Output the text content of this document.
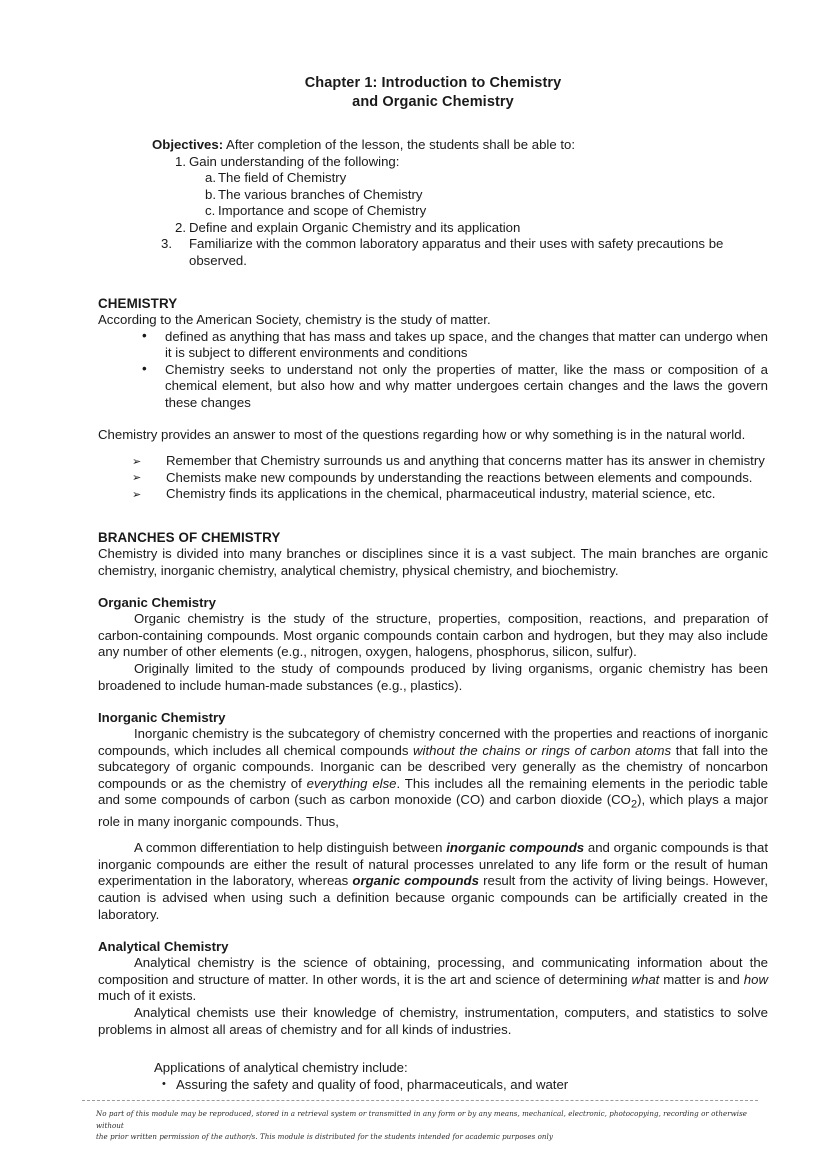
Chapter 1: Introduction to Chemistry
and Organic Chemistry

Objectives: After completion of the lesson, the students shall be able to:

1. Gain understanding of the following:

a. The field of Chemistry

b. The various branches of Chemistry

c. Importance and scope of Chemistry

2. Define and explain Organic Chemistry and its application

3. Familiarize with the common laboratory apparatus and their uses with safety precautions be observed.

CHEMISTRY

According to the American Society, chemistry is the study of matter.

• defined as anything that has mass and takes up space, and the changes that matter can undergo when it is subject to different environments and conditions
• Chemistry seeks to understand not only the properties of matter, like the mass or composition of a chemical element, but also how and why matter undergoes certain changes and the laws the govern these changes

Chemistry provides an answer to most of the questions regarding how or why something is in the natural world.

➢ Remember that Chemistry surrounds us and anything that concerns matter has its answer in chemistry
➢ Chemists make new compounds by understanding the reactions between elements and compounds.
➢ Chemistry finds its applications in the chemical, pharmaceutical industry, material science, etc.
BRANCHES OF CHEMISTRY

Chemistry is divided into many branches or disciplines since it is a vast subject. The main branches are organic chemistry, inorganic chemistry, analytical chemistry, physical chemistry, and biochemistry.

Organic Chemistry

Organic chemistry is the study of the structure, properties, composition, reactions, and preparation of carbon-containing compounds. Most organic compounds contain carbon and hydrogen, but they may also include any number of other elements (e.g., nitrogen, oxygen, halogens, phosphorus, silicon, sulfur).

Originally limited to the study of compounds produced by living organisms, organic chemistry has been broadened to include human-made substances (e.g., plastics).

Inorganic Chemistry

Inorganic chemistry is the subcategory of chemistry concerned with the properties and reactions of inorganic compounds, which includes all chemical compounds without the chains or rings of carbon atoms that fall into the subcategory of organic compounds. Inorganic can be described very generally as the chemistry of noncarbon compounds or as the chemistry of everything else. This includes all the remaining elements in the periodic table and some compounds of carbon (such as carbon monoxide (CO) and carbon dioxide $(CO_2)$, which plays a major role in many inorganic compounds. Thus,

A common differentiation to help distinguish between inorganic compounds and organic compounds is that inorganic compounds are either the result of natural processes unrelated to any life form or the result of human experimentation in the laboratory, whereas organic compounds result from the activity of living beings. However, caution is advised when using such a definition because organic compounds can be artificially created in the laboratory.

Analytical Chemistry

Analytical chemistry is the science of obtaining, processing, and communicating information about the composition and structure of matter. In other words, it is the art and science of determining what matter is and how much of it exists.

Analytical chemists use their knowledge of chemistry, instrumentation, computers, and statistics to solve problems in almost all areas of chemistry and for all kinds of industries.

Applications of analytical chemistry include:

• Assuring the safety and quality of food, pharmaceuticals, and water

No part of this module may be reproduced, stored in a retrieval system or transmitted in any form or by any means, mechanical, electronic, photocopying, recording or otherwise without

the prior written permission of the author/s. This module is distributed for the students intended for academic purposes only
